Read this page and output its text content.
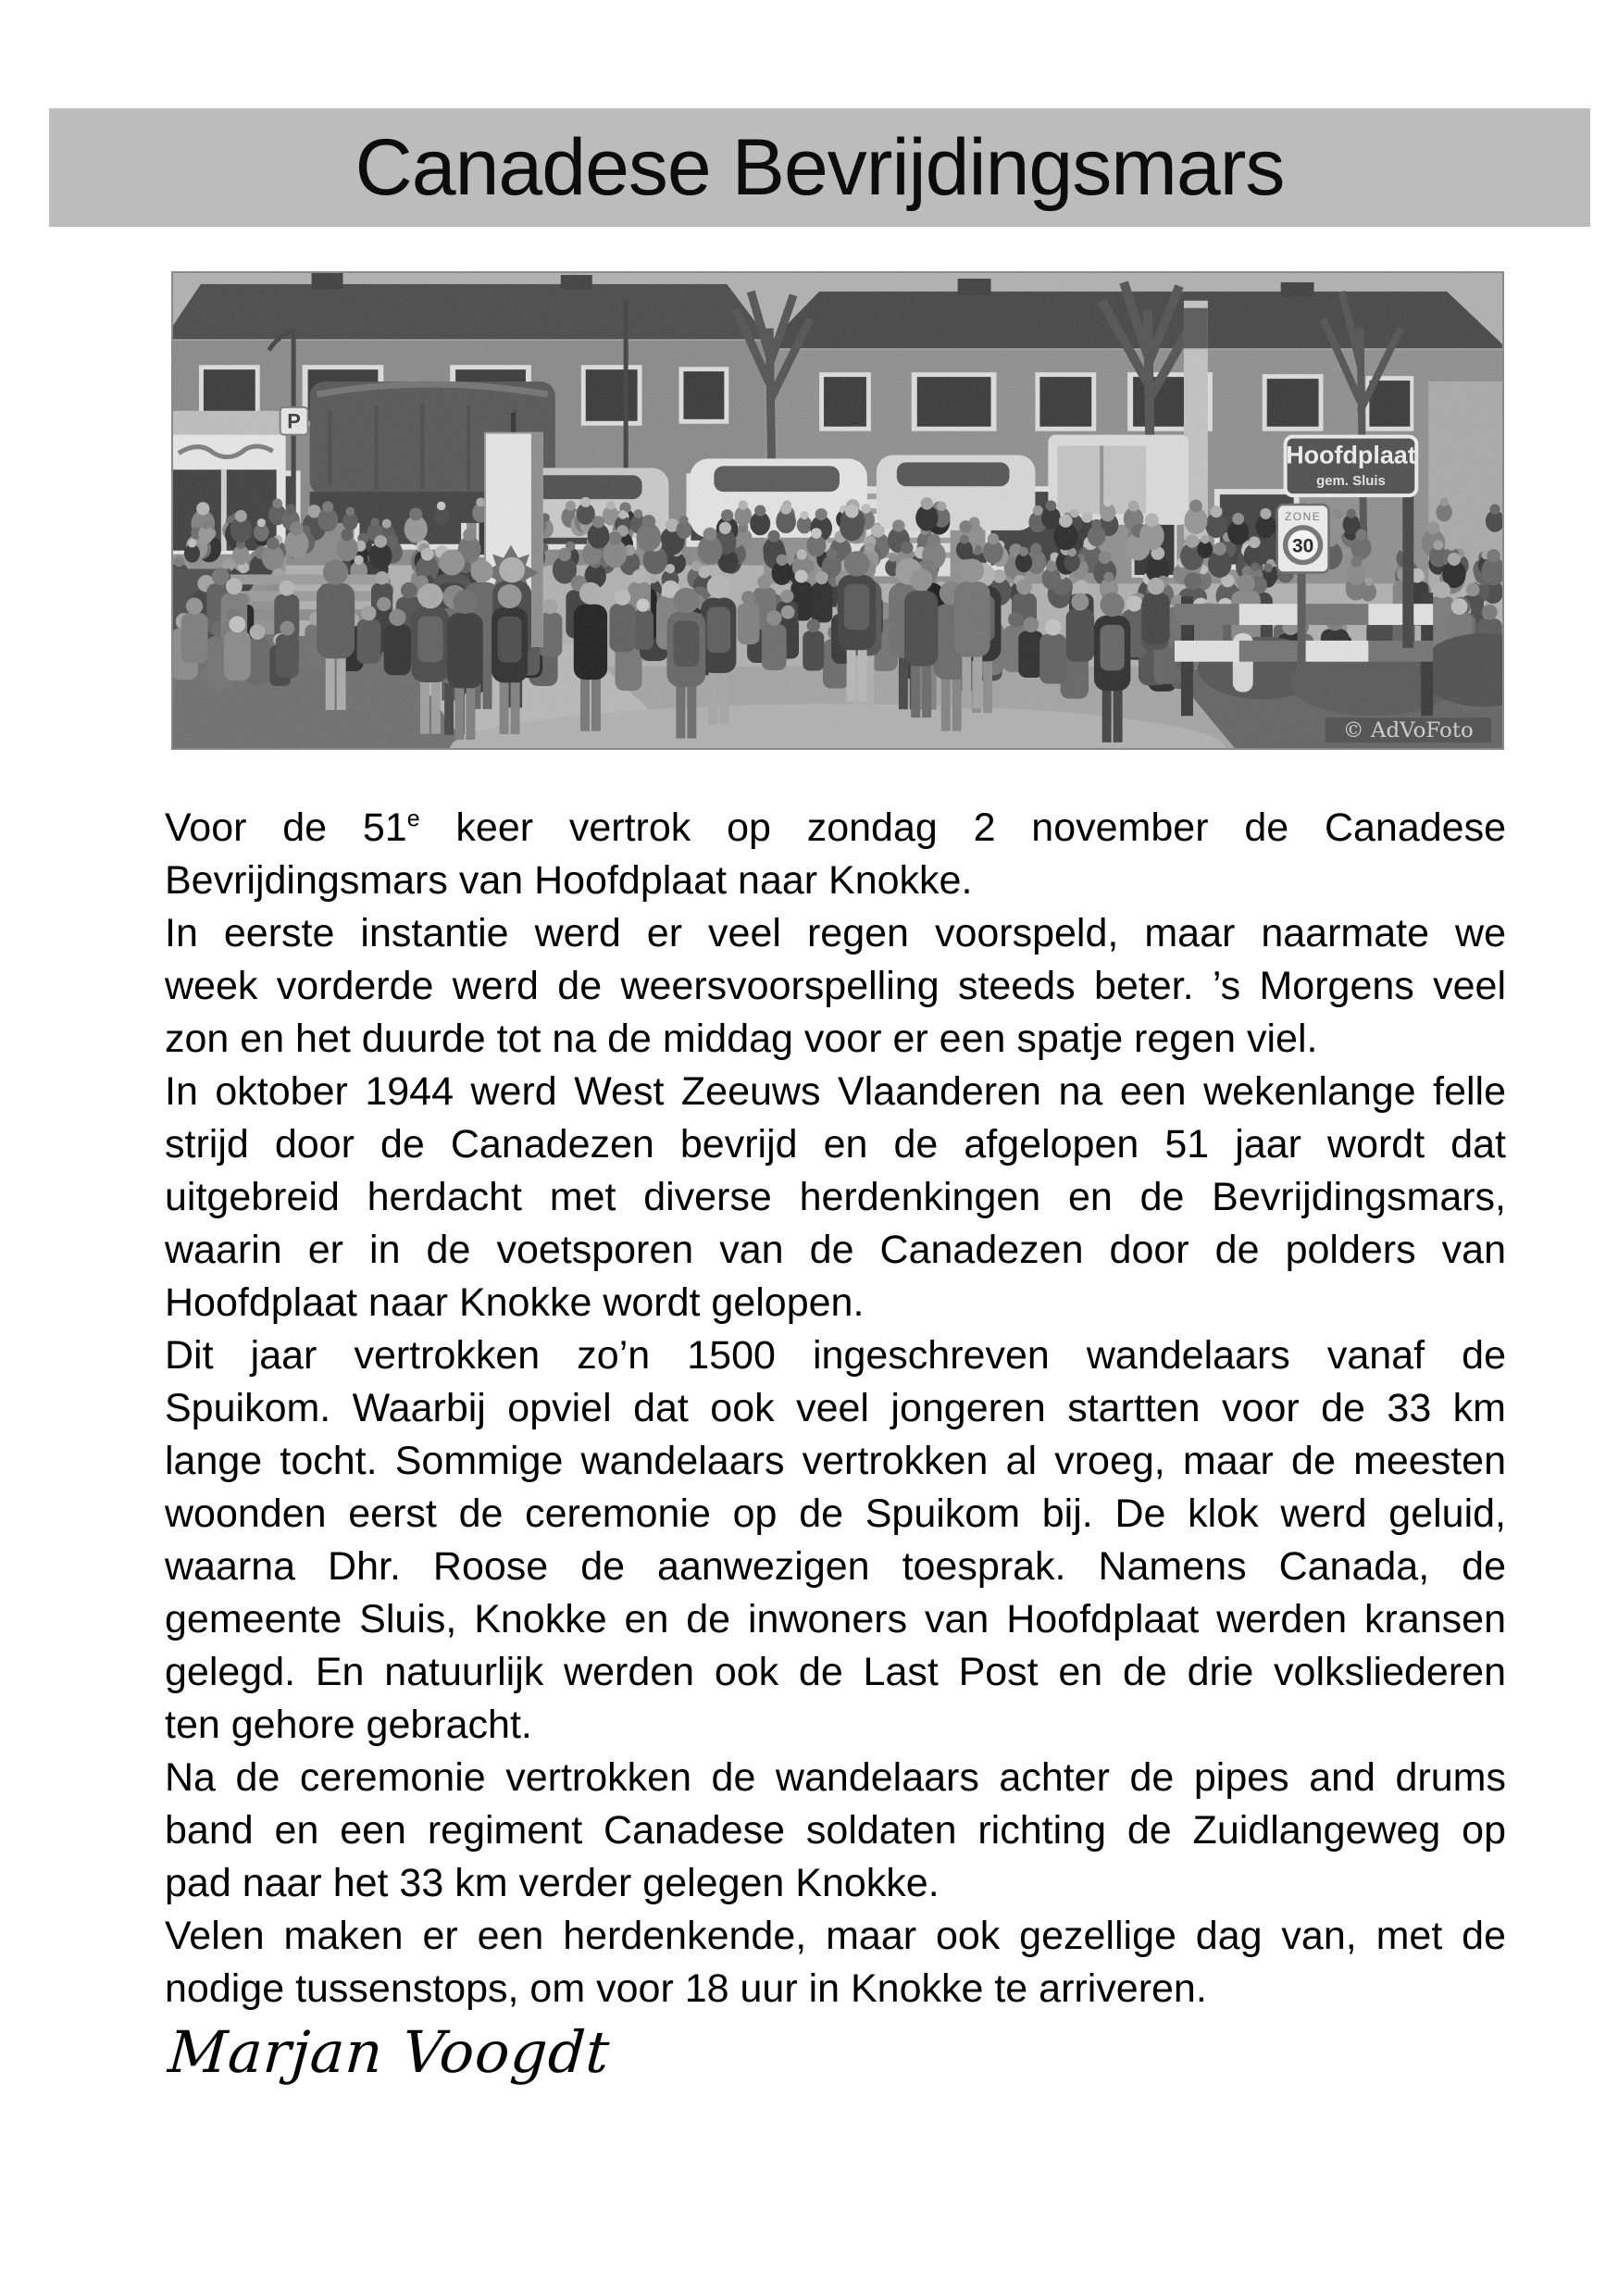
Canadese Bevrijdingsmars
Voor de 51e keer vertrok op zondag 2 november de Canadese
Bevrijdingsmars van Hoofdplaat naar Knokke.
In eerste instantie werd er veel regen voorspeld, maar naarmate we
week vorderde werd de weersvoorspelling steeds beter. ’s Morgens veel
zon en het duurde tot na de middag voor er een spatje regen viel.
In oktober 1944 werd West Zeeuws Vlaanderen na een wekenlange felle
strijd door de Canadezen bevrijd en de afgelopen 51 jaar wordt dat
uitgebreid herdacht met diverse herdenkingen en de Bevrijdingsmars,
waarin er in de voetsporen van de Canadezen door de polders van
Hoofdplaat naar Knokke wordt gelopen.
Dit jaar vertrokken zo’n 1500 ingeschreven wandelaars vanaf de
Spuikom. Waarbij opviel dat ook veel jongeren startten voor de 33 km
lange tocht. Sommige wandelaars vertrokken al vroeg, maar de meesten
woonden eerst de ceremonie op de Spuikom bij. De klok werd geluid,
waarna Dhr. Roose de aanwezigen toesprak. Namens Canada, de
gemeente Sluis, Knokke en de inwoners van Hoofdplaat werden kransen
gelegd. En natuurlijk werden ook de Last Post en de drie volksliederen
ten gehore gebracht.
Na de ceremonie vertrokken de wandelaars achter de pipes and drums
band en een regiment Canadese soldaten richting de Zuidlangeweg op
pad naar het 33 km verder gelegen Knokke.
Velen maken er een herdenkende, maar ook gezellige dag van, met de
nodige tussenstops, om voor 18 uur in Knokke te arriveren.
Marjan Voogdt
